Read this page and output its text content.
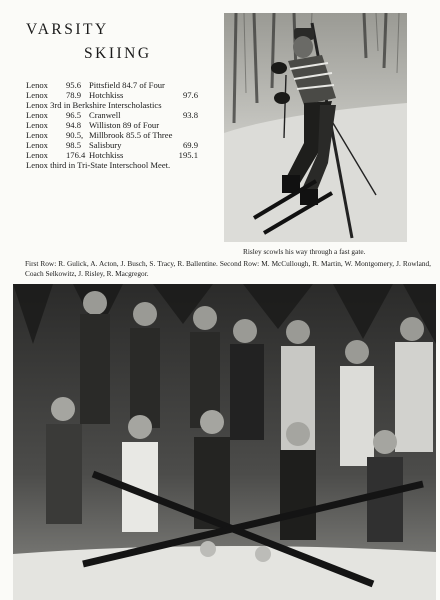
VARSITY
SKIING
Lenox 95.6 Pittsfield 84.7 of Four
Lenox 78.9 Hotchkiss	97.6
Lenox 3rd in Berkshire Interscholastics
Lenox 96.5 Cranwell	93.8
Lenox 94.8 Williston 89 of Four
Lenox 90.5, Millbrook 85.5 of Three
Lenox 98.5 Salisbury	69.9
Lenox 176.4 Hotchkiss	195.1
Lenox third in Tri-State Interschool Meet.
Risley scowls his way through a fast gate.
First Row: R. Gulick, A. Acton, J. Busch, S. Tracy, R. Ballentine. Second Row: M. McCullough, R. Martin, W. Montgomery, J. Rowland, Coach Selkowitz, J. Risley, R. Macgregor.
